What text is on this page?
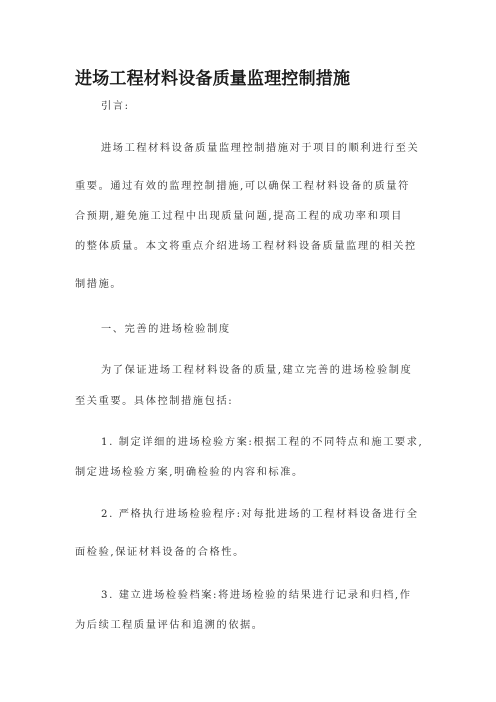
进场工程材料设备质量监理控制措施
引言:
进场工程材料设备质量监理控制措施对于项目的顺利进行至关
重要。通过有效的监理控制措施,可以确保工程材料设备的质量符
合预期,避免施工过程中出现质量问题,提高工程的成功率和项目
的整体质量。本文将重点介绍进场工程材料设备质量监理的相关控
制措施。
一、完善的进场检验制度
为了保证进场工程材料设备的质量,建立完善的进场检验制度
至关重要。具体控制措施包括:
1. 制定详细的进场检验方案:根据工程的不同特点和施工要求,
制定进场检验方案,明确检验的内容和标准。
2. 严格执行进场检验程序:对每批进场的工程材料设备进行全
面检验,保证材料设备的合格性。
3. 建立进场检验档案:将进场检验的结果进行记录和归档,作
为后续工程质量评估和追溯的依据。
